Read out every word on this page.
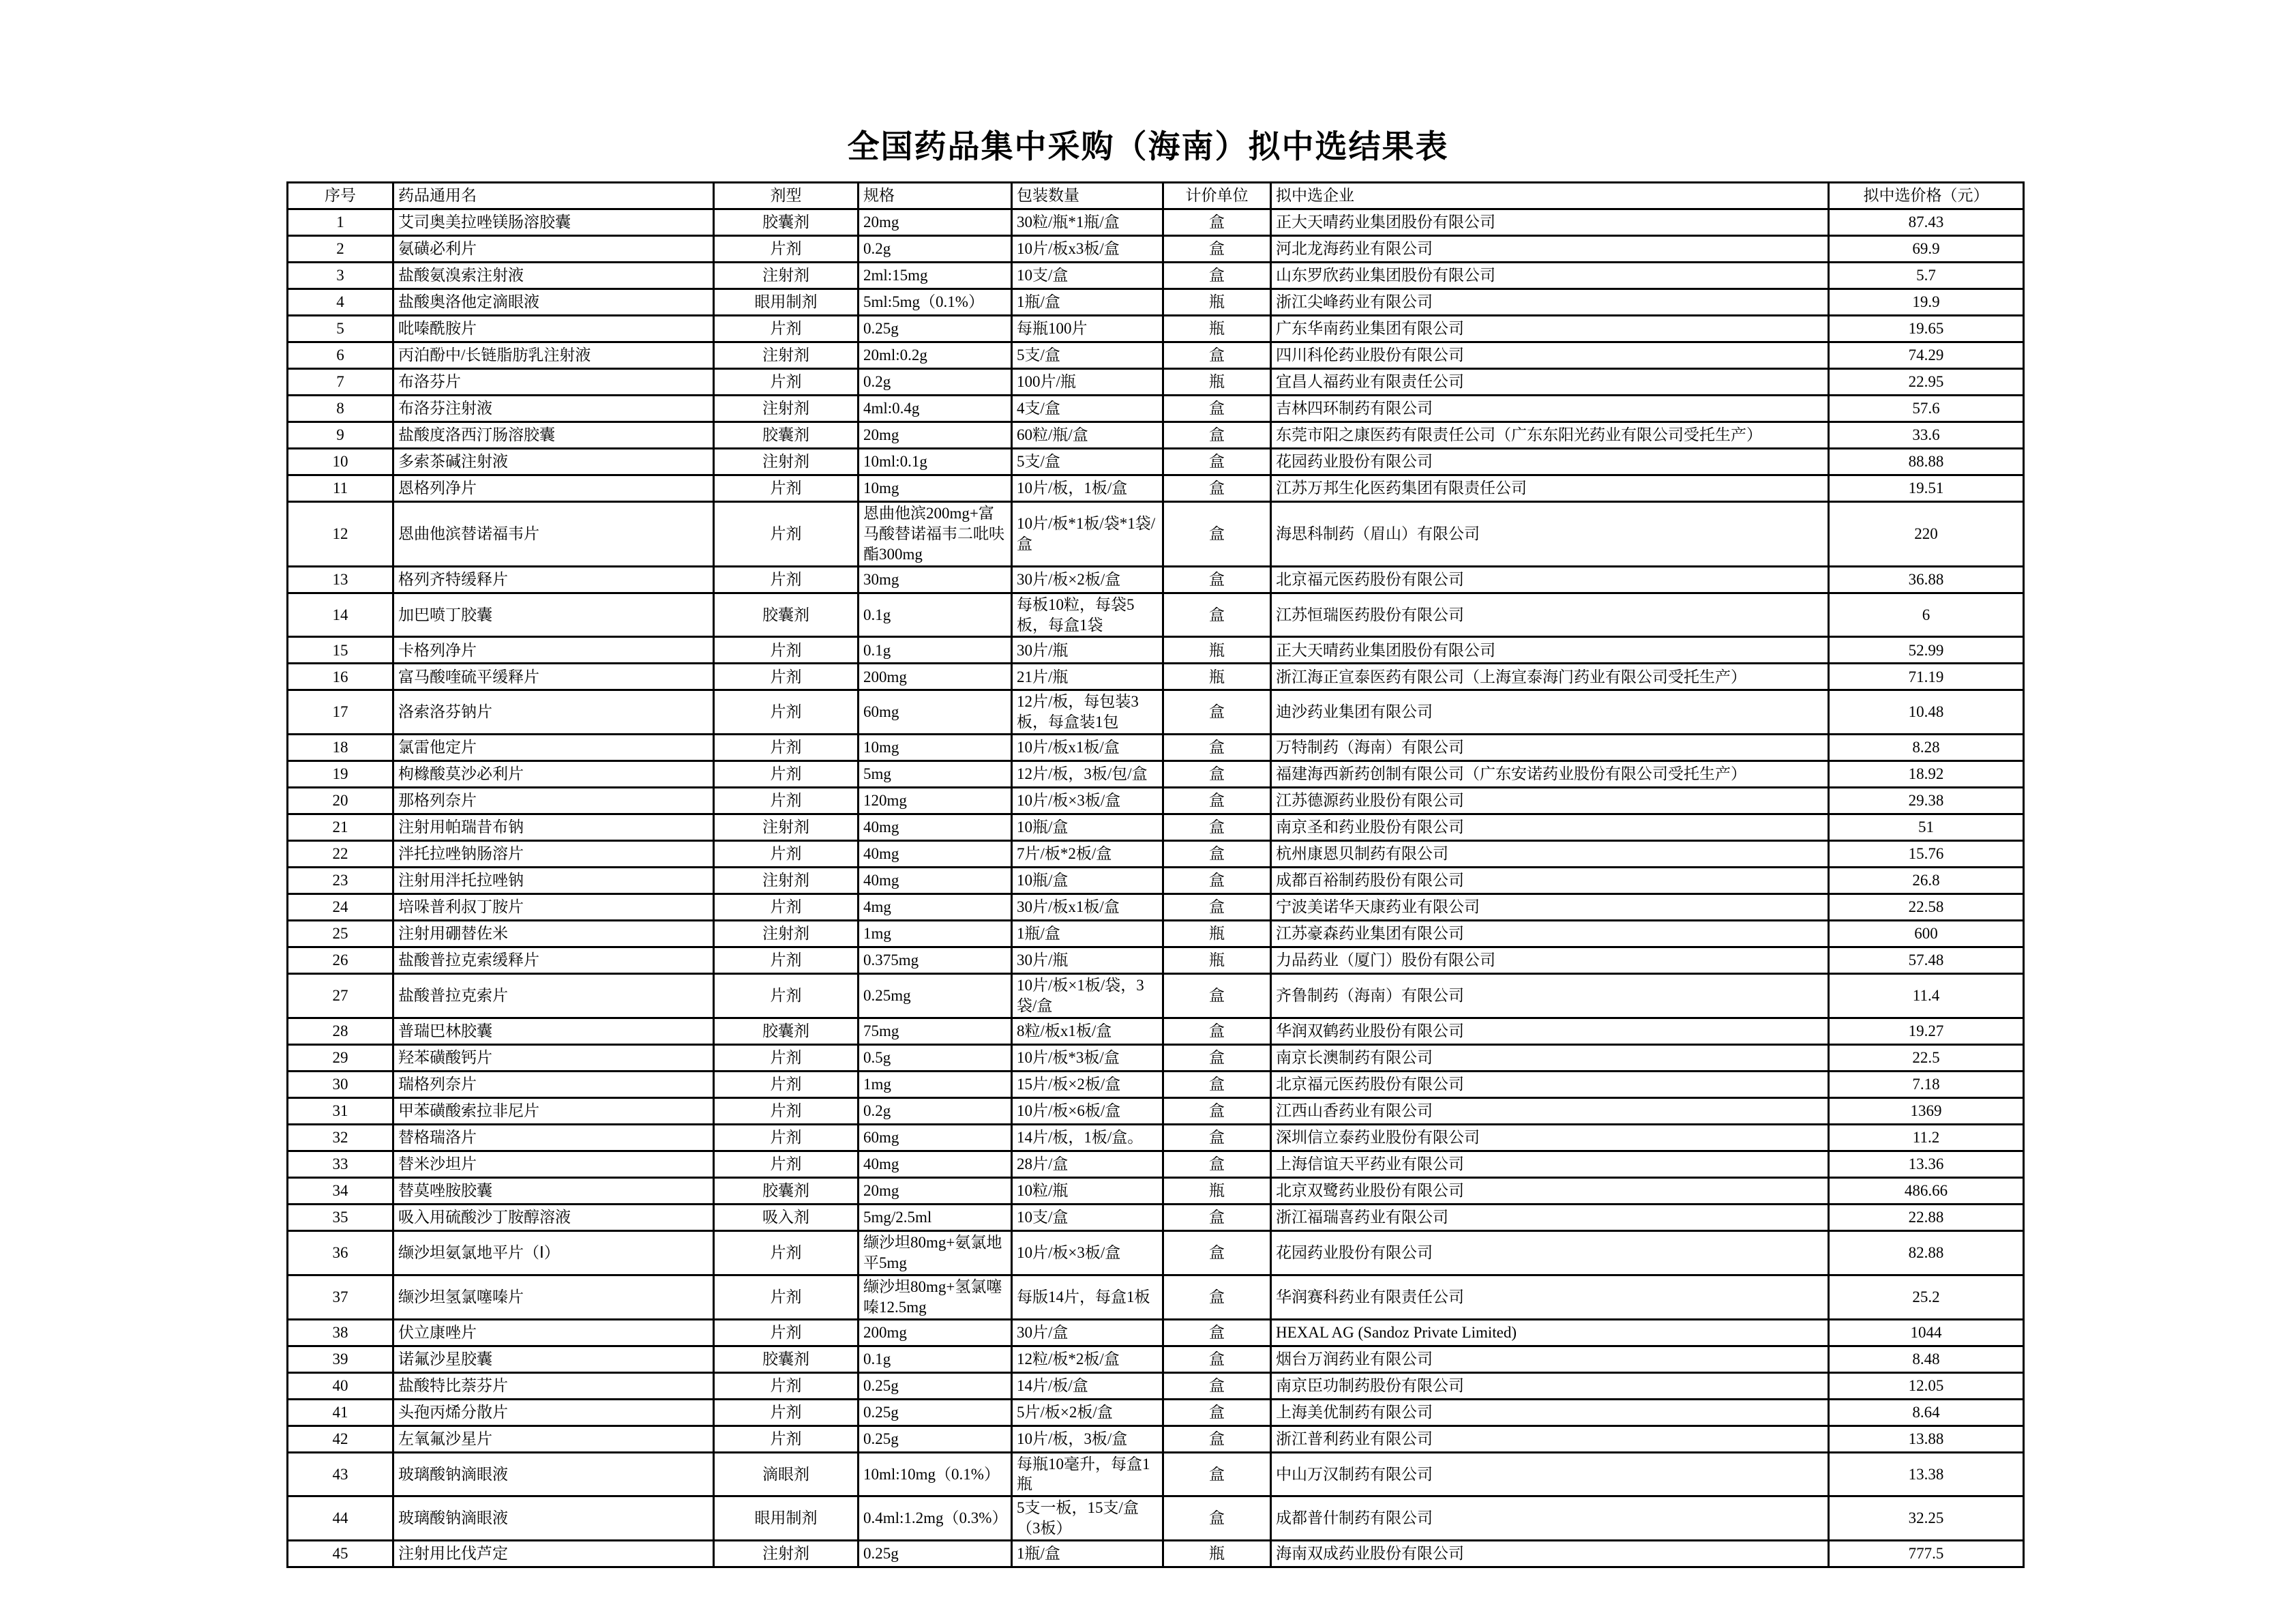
全国药品集中采购（海南）拟中选结果表
序号	药品通用名	剂型	规格	包装数量	计价单位	拟中选企业	拟中选价格（元）
1	艾司奥美拉唑镁肠溶胶囊	胶囊剂	20mg	30粒/瓶*1瓶/盒	盒	正大天晴药业集团股份有限公司	87.43
2	氨磺必利片	片剂	0.2g	10片/板x3板/盒	盒	河北龙海药业有限公司	69.9
3	盐酸氨溴索注射液	注射剂	2ml:15mg	10支/盒	盒	山东罗欣药业集团股份有限公司	5.7
4	盐酸奥洛他定滴眼液	眼用制剂	5ml:5mg（0.1%）	1瓶/盒	瓶	浙江尖峰药业有限公司	19.9
5	吡嗪酰胺片	片剂	0.25g	每瓶100片	瓶	广东华南药业集团有限公司	19.65
6	丙泊酚中/长链脂肪乳注射液	注射剂	20ml:0.2g	5支/盒	盒	四川科伦药业股份有限公司	74.29
7	布洛芬片	片剂	0.2g	100片/瓶	瓶	宜昌人福药业有限责任公司	22.95
8	布洛芬注射液	注射剂	4ml:0.4g	4支/盒	盒	吉林四环制药有限公司	57.6
9	盐酸度洛西汀肠溶胶囊	胶囊剂	20mg	60粒/瓶/盒	盒	东莞市阳之康医药有限责任公司（广东东阳光药业有限公司受托生产）	33.6
10	多索茶碱注射液	注射剂	10ml:0.1g	5支/盒	盒	花园药业股份有限公司	88.88
11	恩格列净片	片剂	10mg	10片/板，1板/盒	盒	江苏万邦生化医药集团有限责任公司	19.51
12	恩曲他滨替诺福韦片	片剂	恩曲他滨200mg+富马酸替诺福韦二吡呋酯300mg	10片/板*1板/袋*1袋/盒	盒	海思科制药（眉山）有限公司	220
13	格列齐特缓释片	片剂	30mg	30片/板×2板/盒	盒	北京福元医药股份有限公司	36.88
14	加巴喷丁胶囊	胶囊剂	0.1g	每板10粒，每袋5板，每盒1袋	盒	江苏恒瑞医药股份有限公司	6
15	卡格列净片	片剂	0.1g	30片/瓶	瓶	正大天晴药业集团股份有限公司	52.99
16	富马酸喹硫平缓释片	片剂	200mg	21片/瓶	瓶	浙江海正宣泰医药有限公司（上海宣泰海门药业有限公司受托生产）	71.19
17	洛索洛芬钠片	片剂	60mg	12片/板，每包装3板，每盒装1包	盒	迪沙药业集团有限公司	10.48
18	氯雷他定片	片剂	10mg	10片/板x1板/盒	盒	万特制药（海南）有限公司	8.28
19	枸橼酸莫沙必利片	片剂	5mg	12片/板，3板/包/盒	盒	福建海西新药创制有限公司（广东安诺药业股份有限公司受托生产）	18.92
20	那格列奈片	片剂	120mg	10片/板×3板/盒	盒	江苏德源药业股份有限公司	29.38
21	注射用帕瑞昔布钠	注射剂	40mg	10瓶/盒	盒	南京圣和药业股份有限公司	51
22	泮托拉唑钠肠溶片	片剂	40mg	7片/板*2板/盒	盒	杭州康恩贝制药有限公司	15.76
23	注射用泮托拉唑钠	注射剂	40mg	10瓶/盒	盒	成都百裕制药股份有限公司	26.8
24	培哚普利叔丁胺片	片剂	4mg	30片/板x1板/盒	盒	宁波美诺华天康药业有限公司	22.58
25	注射用硼替佐米	注射剂	1mg	1瓶/盒	瓶	江苏豪森药业集团有限公司	600
26	盐酸普拉克索缓释片	片剂	0.375mg	30片/瓶	瓶	力品药业（厦门）股份有限公司	57.48
27	盐酸普拉克索片	片剂	0.25mg	10片/板×1板/袋，3袋/盒	盒	齐鲁制药（海南）有限公司	11.4
28	普瑞巴林胶囊	胶囊剂	75mg	8粒/板x1板/盒	盒	华润双鹤药业股份有限公司	19.27
29	羟苯磺酸钙片	片剂	0.5g	10片/板*3板/盒	盒	南京长澳制药有限公司	22.5
30	瑞格列奈片	片剂	1mg	15片/板×2板/盒	盒	北京福元医药股份有限公司	7.18
31	甲苯磺酸索拉非尼片	片剂	0.2g	10片/板×6板/盒	盒	江西山香药业有限公司	1369
32	替格瑞洛片	片剂	60mg	14片/板，1板/盒。	盒	深圳信立泰药业股份有限公司	11.2
33	替米沙坦片	片剂	40mg	28片/盒	盒	上海信谊天平药业有限公司	13.36
34	替莫唑胺胶囊	胶囊剂	20mg	10粒/瓶	瓶	北京双鹭药业股份有限公司	486.66
35	吸入用硫酸沙丁胺醇溶液	吸入剂	5mg/2.5ml	10支/盒	盒	浙江福瑞喜药业有限公司	22.88
36	缬沙坦氨氯地平片（Ⅰ）	片剂	缬沙坦80mg+氨氯地平5mg	10片/板×3板/盒	盒	花园药业股份有限公司	82.88
37	缬沙坦氢氯噻嗪片	片剂	缬沙坦80mg+氢氯噻嗪12.5mg	每版14片，每盒1板	盒	华润赛科药业有限责任公司	25.2
38	伏立康唑片	片剂	200mg	30片/盒	盒	HEXAL AG (Sandoz Private Limited)	1044
39	诺氟沙星胶囊	胶囊剂	0.1g	12粒/板*2板/盒	盒	烟台万润药业有限公司	8.48
40	盐酸特比萘芬片	片剂	0.25g	14片/板/盒	盒	南京臣功制药股份有限公司	12.05
41	头孢丙烯分散片	片剂	0.25g	5片/板×2板/盒	盒	上海美优制药有限公司	8.64
42	左氧氟沙星片	片剂	0.25g	10片/板，3板/盒	盒	浙江普利药业有限公司	13.88
43	玻璃酸钠滴眼液	滴眼剂	10ml:10mg（0.1%）	每瓶10毫升，每盒1瓶	盒	中山万汉制药有限公司	13.38
44	玻璃酸钠滴眼液	眼用制剂	0.4ml:1.2mg（0.3%）	5支一板，15支/盒（3板）	盒	成都普什制药有限公司	32.25
45	注射用比伐芦定	注射剂	0.25g	1瓶/盒	瓶	海南双成药业股份有限公司	777.5
